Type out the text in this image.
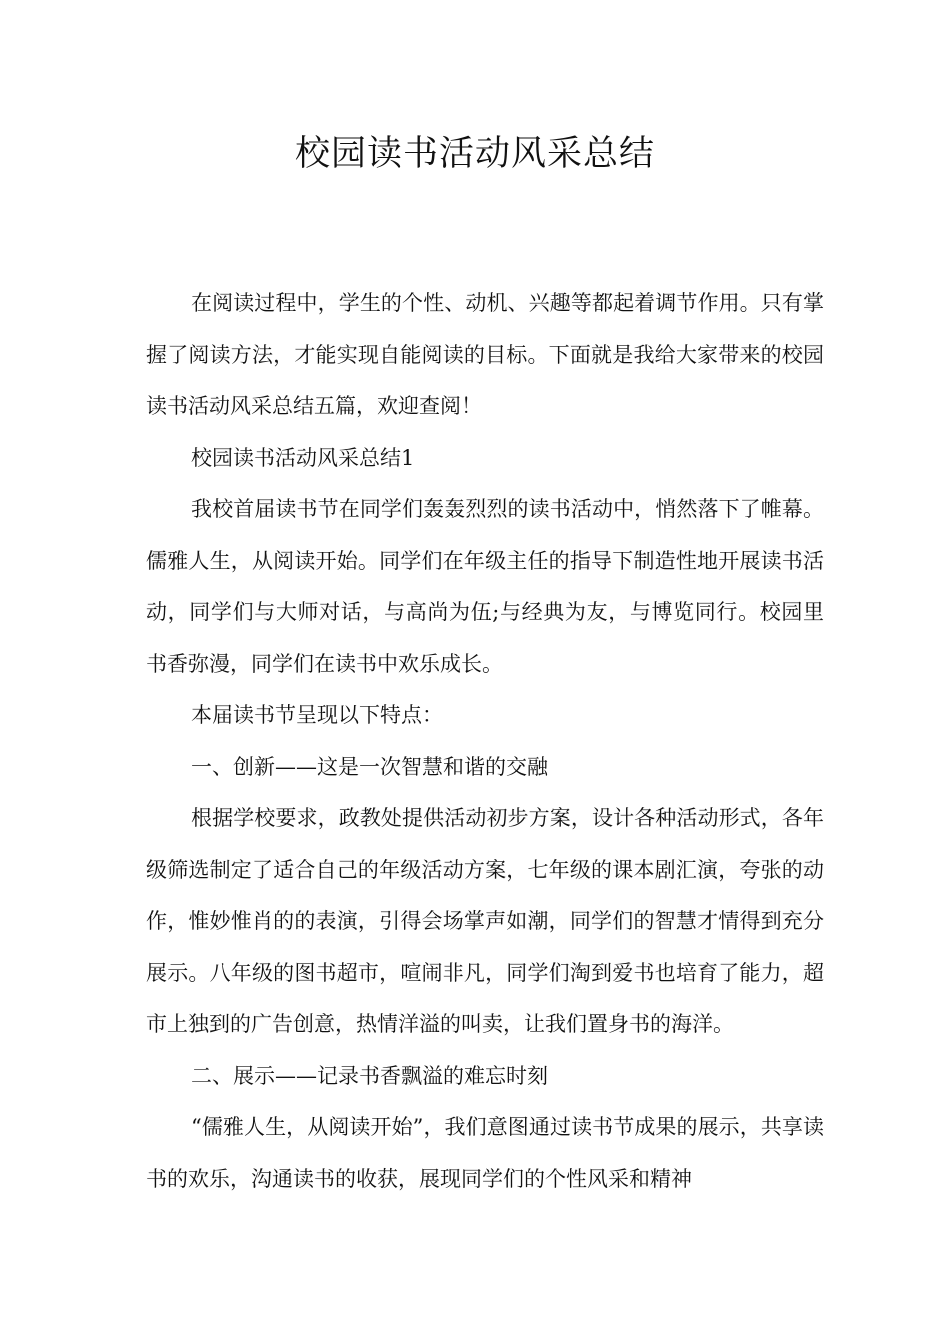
校园读书活动风采总结

在阅读过程中，学生的个性、动机、兴趣等都起着调节作用。只有掌握了阅读方法，才能实现自能阅读的目标。下面就是我给大家带来的校园读书活动风采总结五篇，欢迎查阅！

校园读书活动风采总结1

我校首届读书节在同学们轰轰烈烈的读书活动中，悄然落下了帷幕。儒雅人生，从阅读开始。同学们在年级主任的指导下制造性地开展读书活动，同学们与大师对话，与高尚为伍;与经典为友，与博览同行。校园里书香弥漫，同学们在读书中欢乐成长。

本届读书节呈现以下特点：

一、创新——这是一次智慧和谐的交融

根据学校要求，政教处提供活动初步方案，设计各种活动形式，各年级筛选制定了适合自己的年级活动方案，七年级的课本剧汇演，夸张的动作，惟妙惟肖的的表演，引得会场掌声如潮，同学们的智慧才情得到充分展示。八年级的图书超市，喧闹非凡，同学们淘到爱书也培育了能力，超市上独到的广告创意，热情洋溢的叫卖，让我们置身书的海洋。

二、展示——记录书香飘溢的难忘时刻

“儒雅人生，从阅读开始”，我们意图通过读书节成果的展示，共享读书的欢乐，沟通读书的收获，展现同学们的个性风采和精神
